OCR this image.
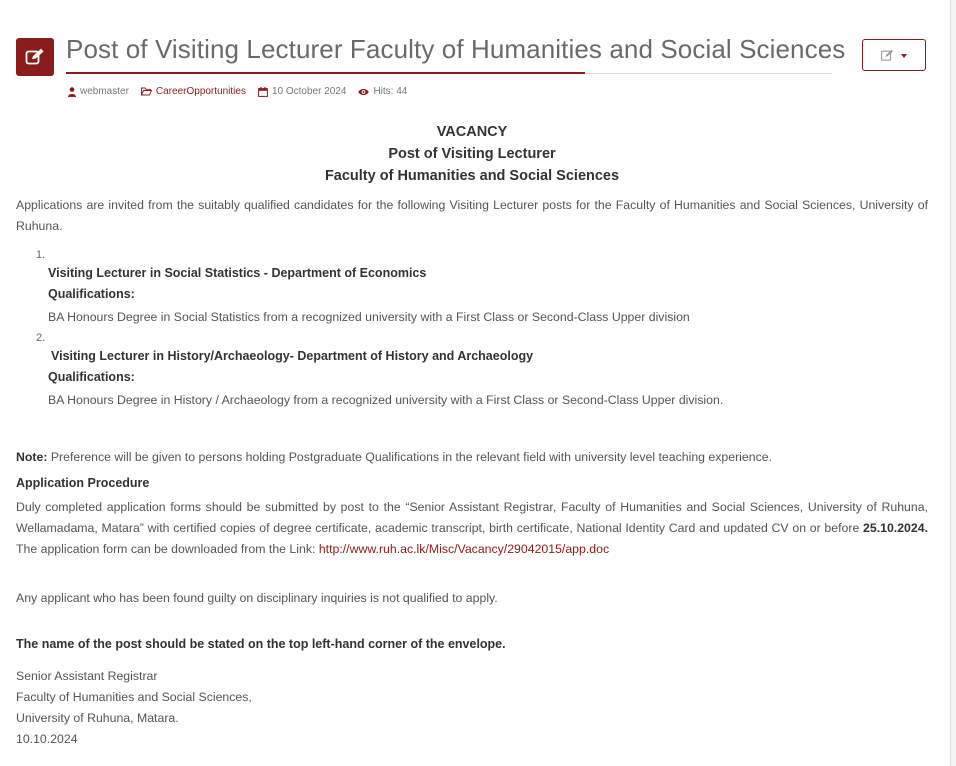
Post of Visiting Lecturer Faculty of Humanities and Social Sciences
webmaster	CareerOpportunities	10 October 2024	Hits: 44
VACANCY
Post of Visiting Lecturer
Faculty of Humanities and Social Sciences

Applications are invited from the suitably qualified candidates for the following Visiting Lecturer posts for the Faculty of Humanities and Social Sciences, University of Ruhuna.

1.
Visiting Lecturer in Social Statistics - Department of Economics
Qualifications:
BA Honours Degree in Social Statistics from a recognized university with a First Class or Second-Class Upper division
2.
Visiting Lecturer in History/Archaeology- Department of History and Archaeology
Qualifications:
BA Honours Degree in History / Archaeology from a recognized university with a First Class or Second-Class Upper division.

Note: Preference will be given to persons holding Postgraduate Qualifications in the relevant field with university level teaching experience.

Application Procedure

Duly completed application forms should be submitted by post to the “Senior Assistant Registrar, Faculty of Humanities and Social Sciences, University of Ruhuna, Wellamadama, Matara” with certified copies of degree certificate, academic transcript, birth certificate, National Identity Card and updated CV on or before 25.10.2024. The application form can be downloaded from the Link: http://www.ruh.ac.lk/Misc/Vacancy/29042015/app.doc

Any applicant who has been found guilty on disciplinary inquiries is not qualified to apply.

The name of the post should be stated on the top left-hand corner of the envelope.

Senior Assistant Registrar
Faculty of Humanities and Social Sciences,
University of Ruhuna, Matara.
10.10.2024
